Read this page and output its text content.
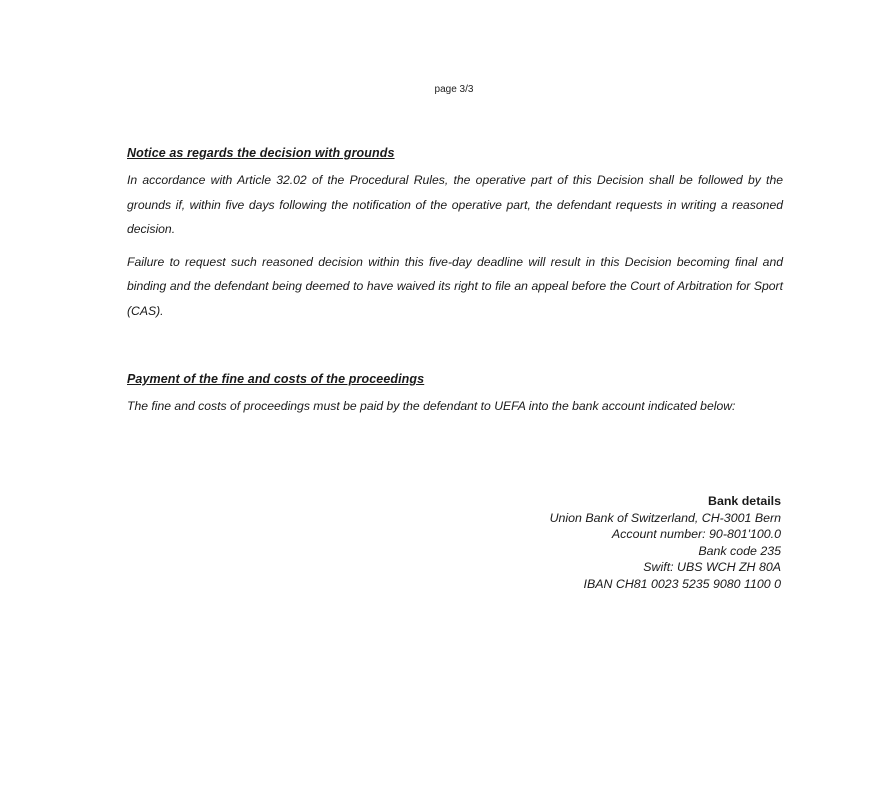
page 3/3
Notice as regards the decision with grounds

In accordance with Article 32.02 of the Procedural Rules, the operative part of this Decision shall be followed by the grounds if, within five days following the notification of the operative part, the defendant requests in writing a reasoned decision.

Failure to request such reasoned decision within this five-day deadline will result in this Decision becoming final and binding and the defendant being deemed to have waived its right to file an appeal before the Court of Arbitration for Sport (CAS).

Payment of the fine and costs of the proceedings

The fine and costs of proceedings must be paid by the defendant to UEFA into the bank account indicated below:

Bank details
Union Bank of Switzerland, CH-3001 Bern
Account number: 90-801'100.0
Bank code 235
Swift: UBS WCH ZH 80A
IBAN CH81 0023 5235 9080 1100 0
